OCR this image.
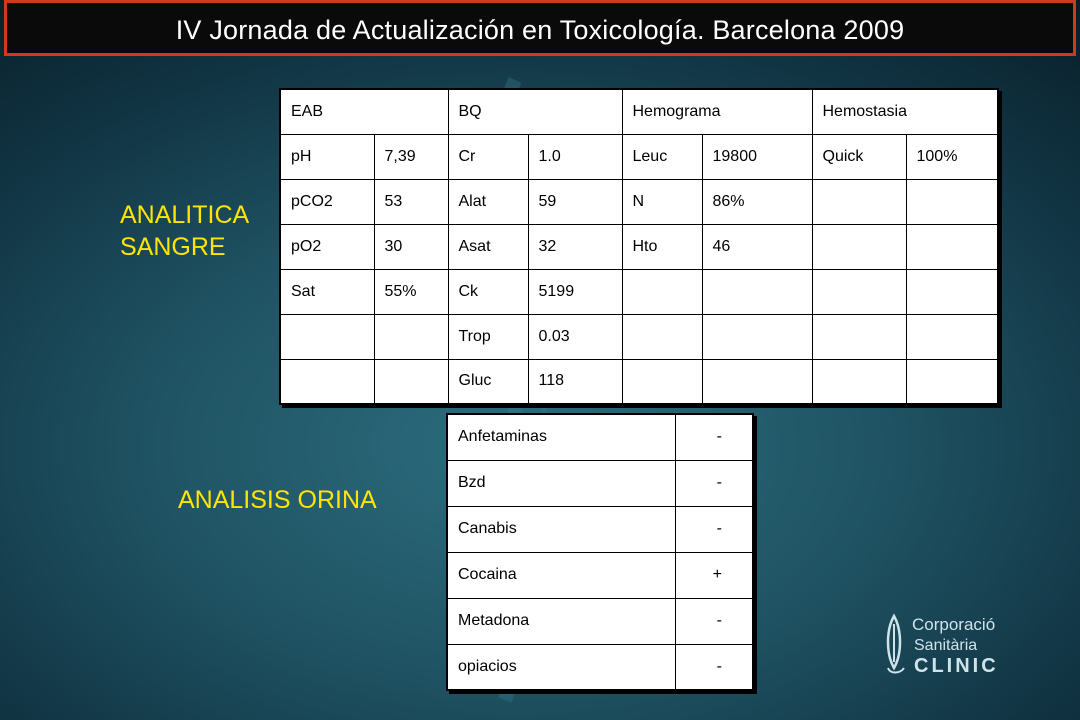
IV Jornada de Actualización en Toxicología. Barcelona 2009
ANALITICA
SANGRE
ANALISIS ORINA
EAB		BQ		Hemograma		Hemostasia	
pH	7,39	Cr	1.0	Leuc	19800	Quick	100%
pCO2	53	Alat	59	N	86%		
pO2	30	Asat	32	Hto	46		
Sat	55%	Ck	5199				
		Trop	0.03				
		Gluc	118				
Anfetaminas	-
Bzd	-
Canabis	-
Cocaina	+
Metadona	-
opiacios	-
Corporació
Sanitària
CLINIC
